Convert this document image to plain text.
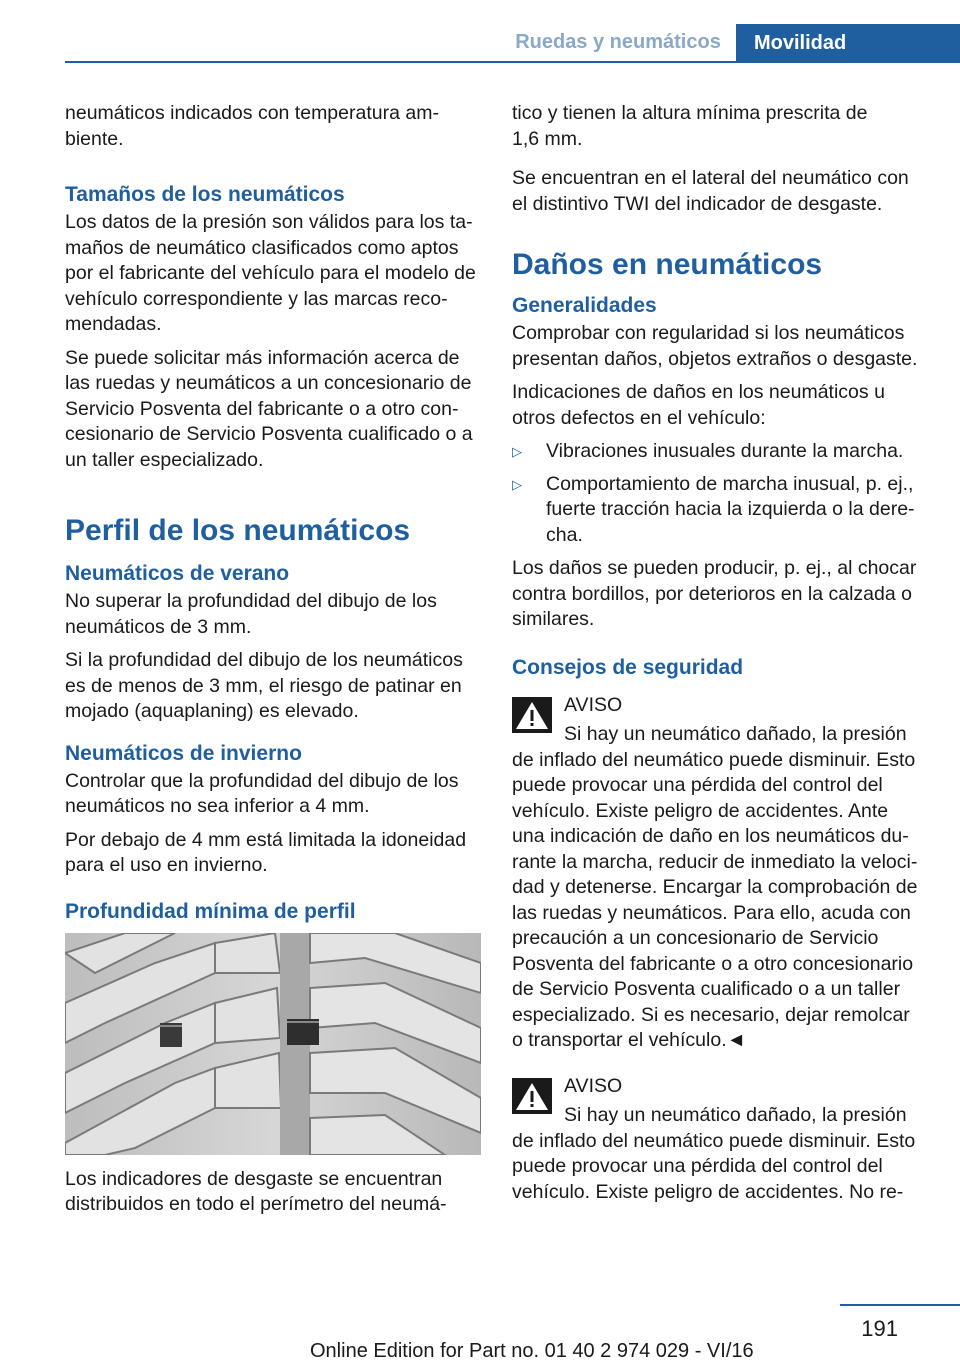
Ruedas y neumáticos	Movilidad

neumáticos indicados con temperatura am-
biente.

Tamaños de los neumáticos

Los datos de la presión son válidos para los ta-
maños de neumático clasificados como aptos
por el fabricante del vehículo para el modelo de
vehículo correspondiente y las marcas reco-
mendadas.

Se puede solicitar más información acerca de
las ruedas y neumáticos a un concesionario de
Servicio Posventa del fabricante o a otro con-
cesionario de Servicio Posventa cualificado o a
un taller especializado.

Perfil de los neumáticos
Neumáticos de verano

No superar la profundidad del dibujo de los
neumáticos de 3 mm.

Si la profundidad del dibujo de los neumáticos
es de menos de 3 mm, el riesgo de patinar en
mojado (aquaplaning) es elevado.

Neumáticos de invierno

Controlar que la profundidad del dibujo de los
neumáticos no sea inferior a 4 mm.

Por debajo de 4 mm está limitada la idoneidad
para el uso en invierno.

Profundidad mínima de perfil

Los indicadores de desgaste se encuentran
distribuidos en todo el perímetro del neumá-

tico y tienen la altura mínima prescrita de
1,6 mm.

Se encuentran en el lateral del neumático con
el distintivo TWI del indicador de desgaste.

Daños en neumáticos
Generalidades

Comprobar con regularidad si los neumáticos
presentan daños, objetos extraños o desgaste.

Indicaciones de daños en los neumáticos u
otros defectos en el vehículo:

▷ Vibraciones inusuales durante la marcha.
▷ Comportamiento de marcha inusual, p. ej.,
fuerte tracción hacia la izquierda o la dere-
cha.

Los daños se pueden producir, p. ej., al chocar
contra bordillos, por deterioros en la calzada o
similares.

Consejos de seguridad

AVISO

Si hay un neumático dañado, la presión
de inflado del neumático puede disminuir. Esto
puede provocar una pérdida del control del
vehículo. Existe peligro de accidentes. Ante
una indicación de daño en los neumáticos du-
rante la marcha, reducir de inmediato la veloci-
dad y detenerse. Encargar la comprobación de
las ruedas y neumáticos. Para ello, acuda con
precaución a un concesionario de Servicio
Posventa del fabricante o a otro concesionario
de Servicio Posventa cualificado o a un taller
especializado. Si es necesario, dejar remolcar
o transportar el vehículo.◄

AVISO

Si hay un neumático dañado, la presión
de inflado del neumático puede disminuir. Esto
puede provocar una pérdida del control del
vehículo. Existe peligro de accidentes. No re-

191
Online Edition for Part no. 01 40 2 974 029 - VI/16
